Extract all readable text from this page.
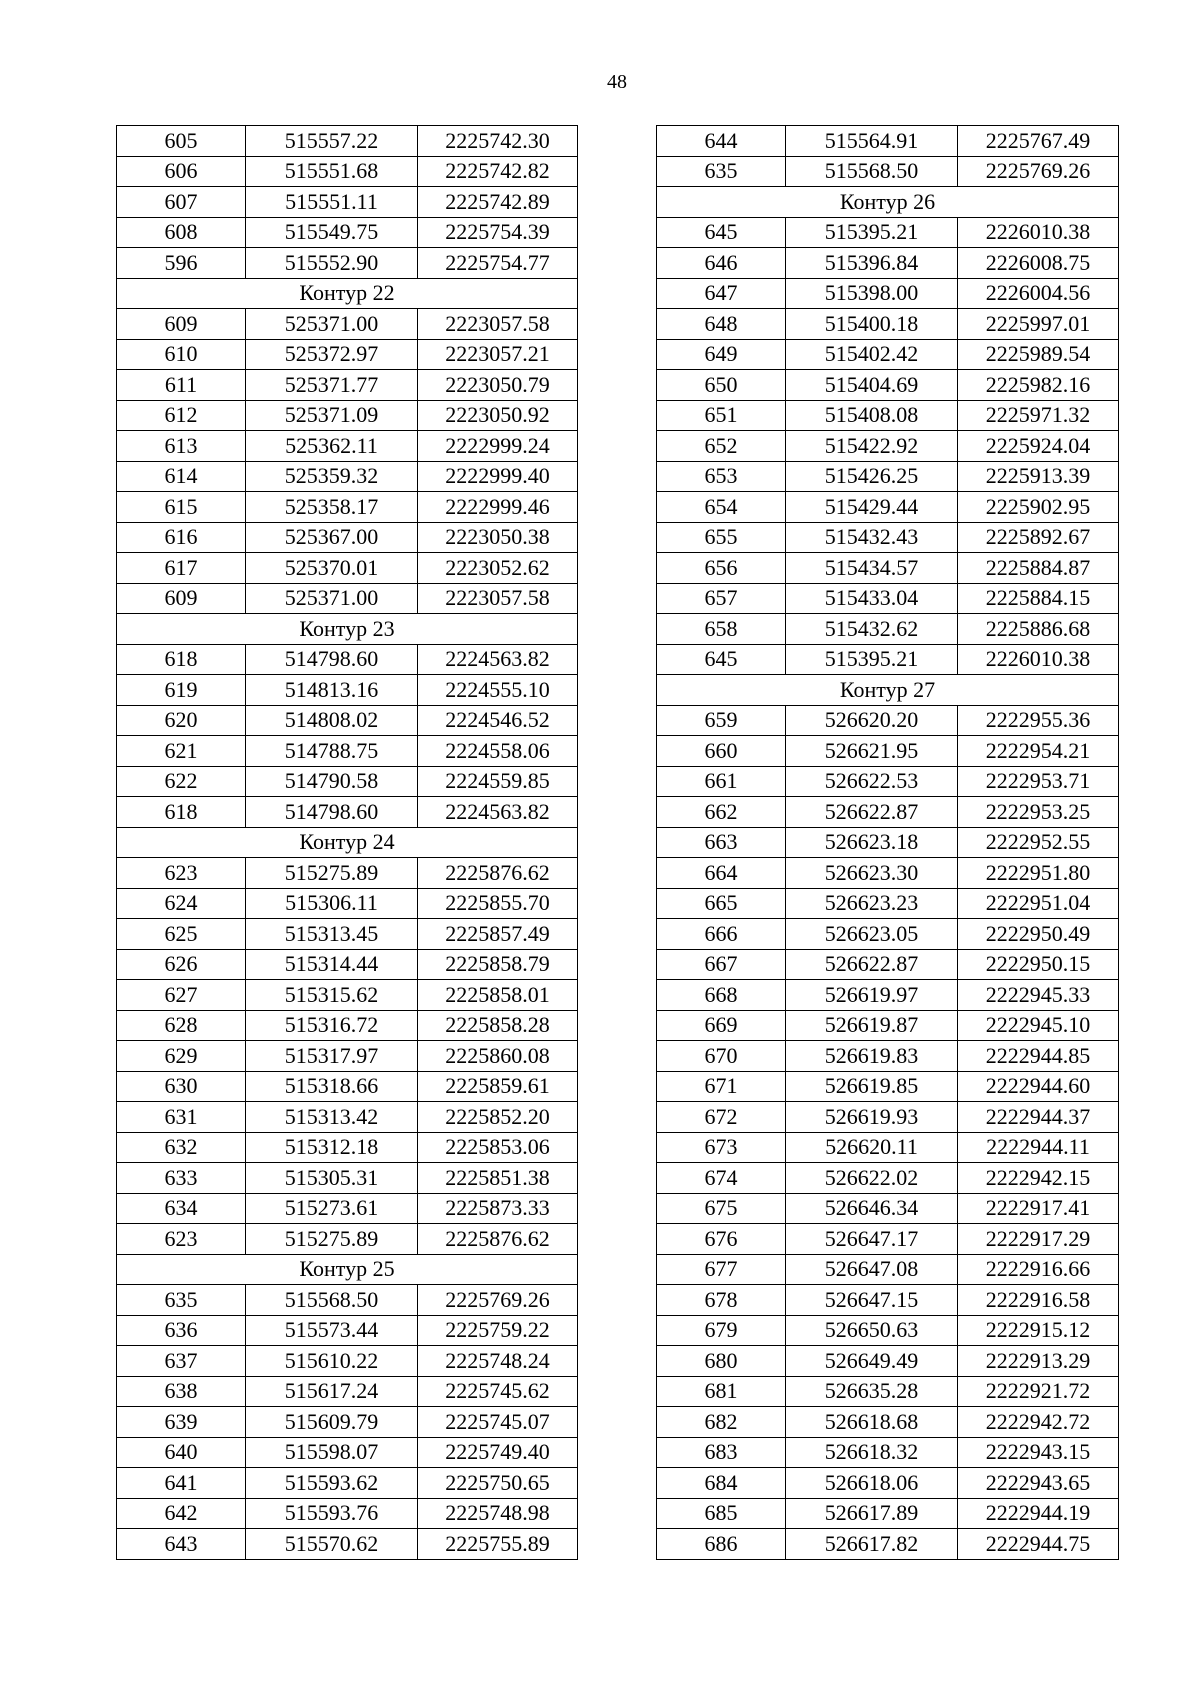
48
605	515557.22	2225742.30
606	515551.68	2225742.82
607	515551.11	2225742.89
608	515549.75	2225754.39
596	515552.90	2225754.77
Контур 22		
609	525371.00	2223057.58
610	525372.97	2223057.21
611	525371.77	2223050.79
612	525371.09	2223050.92
613	525362.11	2222999.24
614	525359.32	2222999.40
615	525358.17	2222999.46
616	525367.00	2223050.38
617	525370.01	2223052.62
609	525371.00	2223057.58
Контур 23		
618	514798.60	2224563.82
619	514813.16	2224555.10
620	514808.02	2224546.52
621	514788.75	2224558.06
622	514790.58	2224559.85
618	514798.60	2224563.82
Контур 24		
623	515275.89	2225876.62
624	515306.11	2225855.70
625	515313.45	2225857.49
626	515314.44	2225858.79
627	515315.62	2225858.01
628	515316.72	2225858.28
629	515317.97	2225860.08
630	515318.66	2225859.61
631	515313.42	2225852.20
632	515312.18	2225853.06
633	515305.31	2225851.38
634	515273.61	2225873.33
623	515275.89	2225876.62
Контур 25		
635	515568.50	2225769.26
636	515573.44	2225759.22
637	515610.22	2225748.24
638	515617.24	2225745.62
639	515609.79	2225745.07
640	515598.07	2225749.40
641	515593.62	2225750.65
642	515593.76	2225748.98
643	515570.62	2225755.89
644	515564.91	2225767.49
635	515568.50	2225769.26
Контур 26		
645	515395.21	2226010.38
646	515396.84	2226008.75
647	515398.00	2226004.56
648	515400.18	2225997.01
649	515402.42	2225989.54
650	515404.69	2225982.16
651	515408.08	2225971.32
652	515422.92	2225924.04
653	515426.25	2225913.39
654	515429.44	2225902.95
655	515432.43	2225892.67
656	515434.57	2225884.87
657	515433.04	2225884.15
658	515432.62	2225886.68
645	515395.21	2226010.38
Контур 27		
659	526620.20	2222955.36
660	526621.95	2222954.21
661	526622.53	2222953.71
662	526622.87	2222953.25
663	526623.18	2222952.55
664	526623.30	2222951.80
665	526623.23	2222951.04
666	526623.05	2222950.49
667	526622.87	2222950.15
668	526619.97	2222945.33
669	526619.87	2222945.10
670	526619.83	2222944.85
671	526619.85	2222944.60
672	526619.93	2222944.37
673	526620.11	2222944.11
674	526622.02	2222942.15
675	526646.34	2222917.41
676	526647.17	2222917.29
677	526647.08	2222916.66
678	526647.15	2222916.58
679	526650.63	2222915.12
680	526649.49	2222913.29
681	526635.28	2222921.72
682	526618.68	2222942.72
683	526618.32	2222943.15
684	526618.06	2222943.65
685	526617.89	2222944.19
686	526617.82	2222944.75
